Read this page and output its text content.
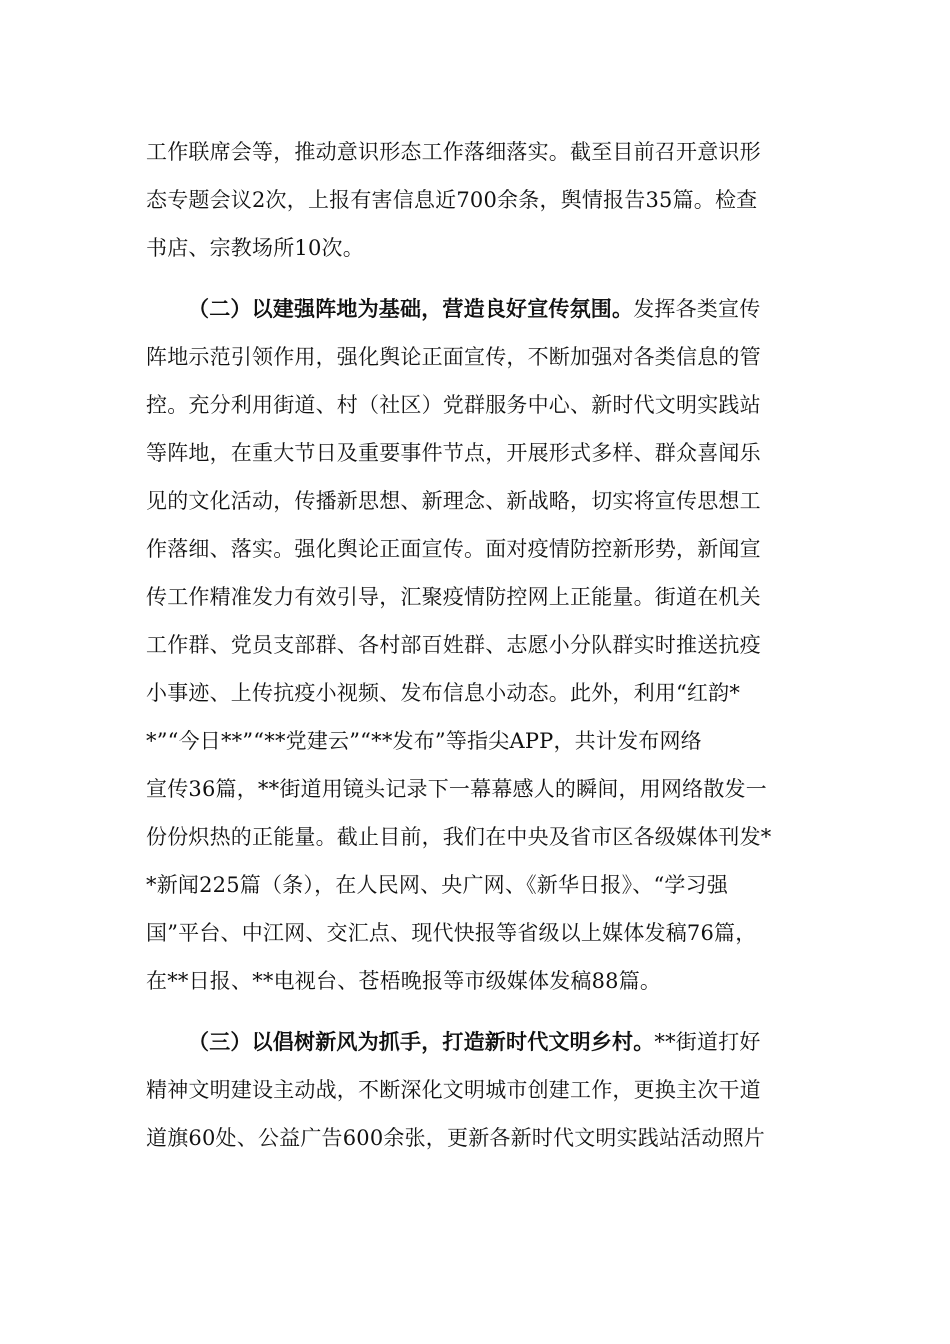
工作联席会等，推动意识形态工作落细落实。截至目前召开意识形
态专题会议2次，上报有害信息近700余条，舆情报告35篇。检查
书店、宗教场所10次。
（二）以建强阵地为基础，营造良好宣传氛围。发挥各类宣传
阵地示范引领作用，强化舆论正面宣传，不断加强对各类信息的管
控。充分利用街道、村（社区）党群服务中心、新时代文明实践站
等阵地，在重大节日及重要事件节点，开展形式多样、群众喜闻乐
见的文化活动，传播新思想、新理念、新战略，切实将宣传思想工
作落细、落实。强化舆论正面宣传。面对疫情防控新形势，新闻宣
传工作精准发力有效引导，汇聚疫情防控网上正能量。街道在机关
工作群、党员支部群、各村部百姓群、志愿小分队群实时推送抗疫
小事迹、上传抗疫小视频、发布信息小动态。此外，利用“红韵*
*”“今日**”“**党建云”“**发布”等指尖APP，共计发布网络
宣传36篇，**街道用镜头记录下一幕幕感人的瞬间，用网络散发一
份份炽热的正能量。截止目前，我们在中央及省市区各级媒体刊发*
*新闻225篇（条），在人民网、央广网、《新华日报》、“学习强
国”平台、中江网、交汇点、现代快报等省级以上媒体发稿76篇，
在**日报、**电视台、苍梧晚报等市级媒体发稿88篇。
（三）以倡树新风为抓手，打造新时代文明乡村。**街道打好
精神文明建设主动战，不断深化文明城市创建工作，更换主次干道
道旗60处、公益广告600余张，更新各新时代文明实践站活动照片
